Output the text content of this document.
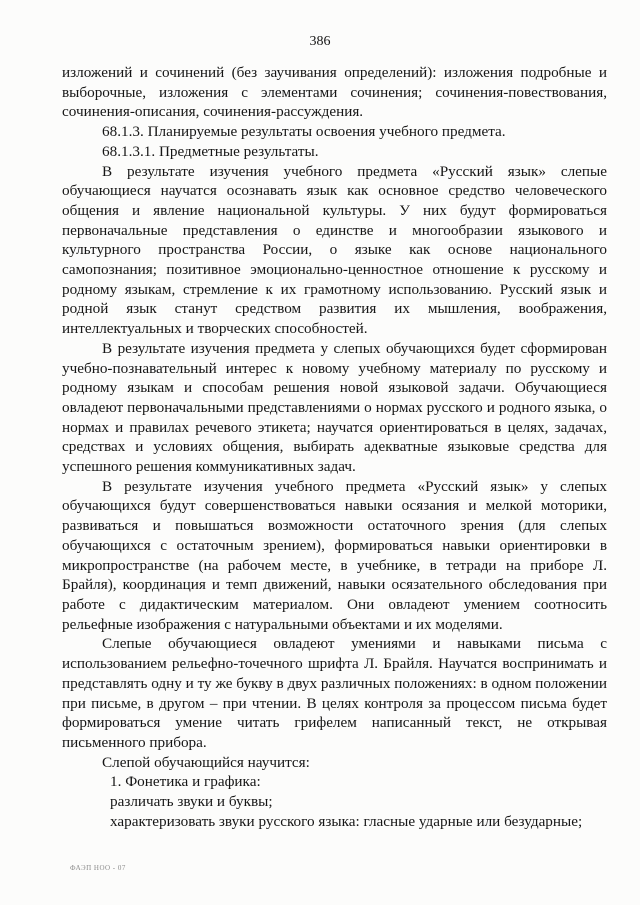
386

изложений и сочинений (без заучивания определений): изложения подробные и выборочные, изложения с элементами сочинения; сочинения-повествования, сочинения-описания, сочинения-рассуждения.

68.1.3. Планируемые результаты освоения учебного предмета.

68.1.3.1. Предметные результаты.

В результате изучения учебного предмета «Русский язык» слепые обучающиеся научатся осознавать язык как основное средство человеческого общения и явление национальной культуры. У них будут формироваться первоначальные представления о единстве и многообразии языкового и культурного пространства России, о языке как основе национального самопознания; позитивное эмоционально-ценностное отношение к русскому и родному языкам, стремление к их грамотному использованию. Русский язык и родной язык станут средством развития их мышления, воображения, интеллектуальных и творческих способностей.

В результате изучения предмета у слепых обучающихся будет сформирован учебно-познавательный интерес к новому учебному материалу по русскому и родному языкам и способам решения новой языковой задачи. Обучающиеся овладеют первоначальными представлениями о нормах русского и родного языка, о нормах и правилах речевого этикета; научатся ориентироваться в целях, задачах, средствах и условиях общения, выбирать адекватные языковые средства для успешного решения коммуникативных задач.

В результате изучения учебного предмета «Русский язык» у слепых обучающихся будут совершенствоваться навыки осязания и мелкой моторики, развиваться и повышаться возможности остаточного зрения (для слепых обучающихся с остаточным зрением), формироваться навыки ориентировки в микропространстве (на рабочем месте, в учебнике, в тетради на приборе Л. Брайля), координация и темп движений, навыки осязательного обследования при работе с дидактическим материалом. Они овладеют умением соотносить рельефные изображения с натуральными объектами и их моделями.

Слепые обучающиеся овладеют умениями и навыками письма с использованием рельефно-точечного шрифта Л. Брайля. Научатся воспринимать и представлять одну и ту же букву в двух различных положениях: в одном положении при письме, в другом – при чтении. В целях контроля за процессом письма будет формироваться умение читать грифелем написанный текст, не открывая письменного прибора.

Слепой обучающийся научится:

1. Фонетика и графика:

различать звуки и буквы;

характеризовать звуки русского языка: гласные ударные или безударные;

ФАЭП НОО - 07
